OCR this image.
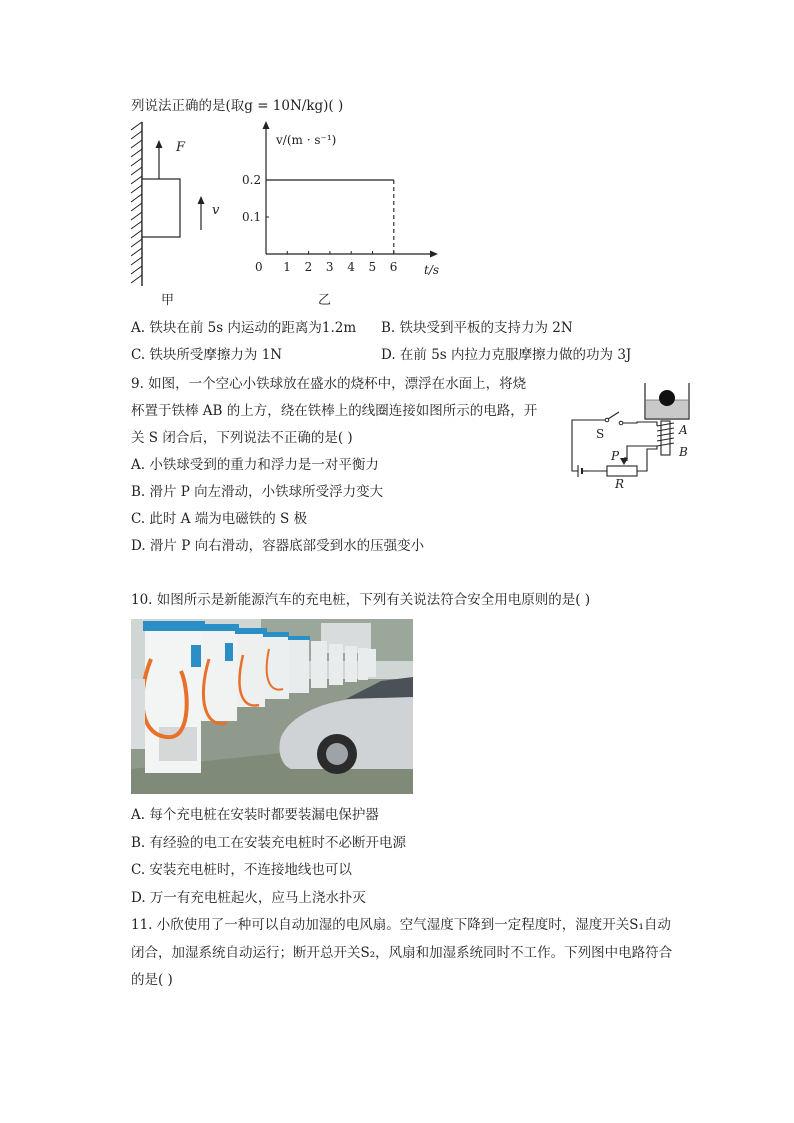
列说法正确的是(取g = 10N/kg)( )
F
v
甲
1 2 3 4 5 6
0.1
0.2
0
v/(m · s⁻¹)
t/s
乙
A. 铁块在前 5s 内运动的距离为1.2m B. 铁块受到平板的支持力为 2N
C. 铁块所受摩擦力为 1N	D. 在前 5s 内拉力克服摩擦力做的功为 3J
9. 如图，一个空心小铁球放在盛水的烧杯中，漂浮在水面上，将烧
杯置于铁棒 AB 的上方，绕在铁棒上的线圈连接如图所示的电路，开
关 S 闭合后，下列说法不正确的是( )
A. 小铁球受到的重力和浮力是一对平衡力
B. 滑片 P 向左滑动，小铁球所受浮力变大
C. 此时 A 端为电磁铁的 S 极
D. 滑片 P 向右滑动，容器底部受到水的压强变小
A
B
S
P
R
10. 如图所示是新能源汽车的充电桩，下列有关说法符合安全用电原则的是( )
A. 每个充电桩在安装时都要装漏电保护器
B. 有经验的电工在安装充电桩时不必断开电源
C. 安装充电桩时，不连接地线也可以
D. 万一有充电桩起火，应马上浇水扑灭
11. 小欣使用了一种可以自动加湿的电风扇。空气湿度下降到一定程度时，湿度开关S₁自动
闭合，加湿系统自动运行；断开总开关S₂，风扇和加湿系统同时不工作。下列图中电路符合
的是( )
